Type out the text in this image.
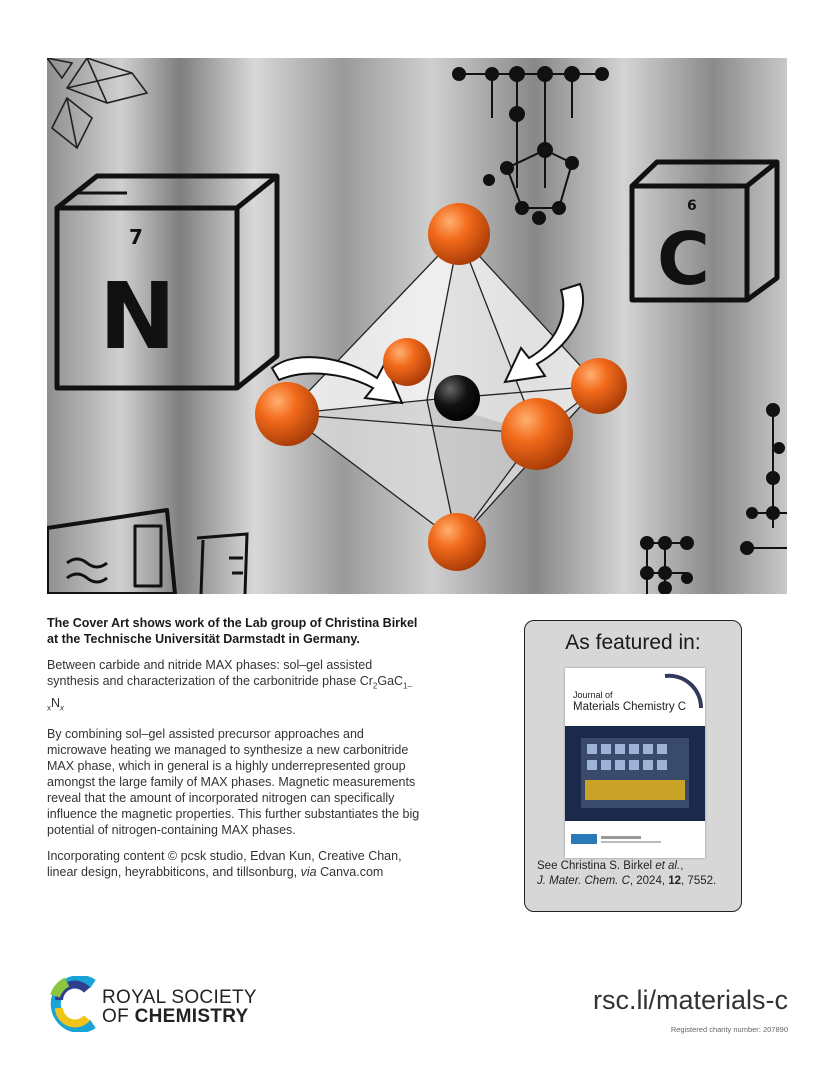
7
N
6
C

The Cover Art shows work of the Lab group of Christina Birkel at the Technische Universität Darmstadt in Germany.

Between carbide and nitride MAX phases: sol–gel assisted synthesis and characterization of the carbonitride phase $Cr_2GaC_{1-x}N_x$

By combining sol–gel assisted precursor approaches and microwave heating we managed to synthesize a new carbonitride MAX phase, which in general is a highly underrepresented group amongst the large family of MAX phases. Magnetic measurements reveal that the amount of incorporated nitrogen can specifically influence the magnetic properties. This further substantiates the big potential of nitrogen-containing MAX phases.

Incorporating content © pcsk studio, Edvan Kun, Creative Chan, linear design, heyrabbiticons, and tillsonburg, via Canva.com

As featured in:
Journal of
Materials Chemistry C
See Christina S. Birkel et al.,
J. Mater. Chem. C, 2024, 12, 7552.
ROYAL SOCIETY
OF CHEMISTRY
rsc.li/materials-c
Registered charity number: 207890
